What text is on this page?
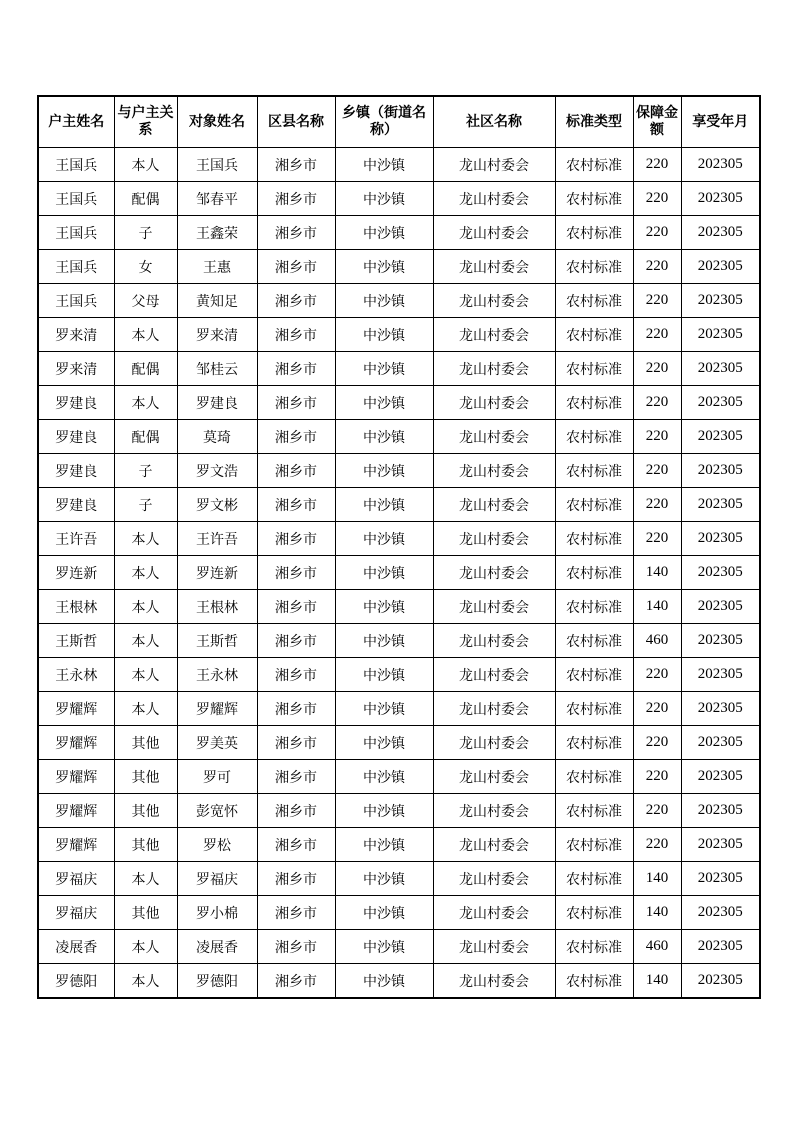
户主姓名	与户主关系	对象姓名	区县名称	乡镇（街道名称）	社区名称	标准类型	保障金额	享受年月
王国兵	本人	王国兵	湘乡市	中沙镇	龙山村委会	农村标准	220	202305
王国兵	配偶	邹春平	湘乡市	中沙镇	龙山村委会	农村标准	220	202305
王国兵	子	王鑫荣	湘乡市	中沙镇	龙山村委会	农村标准	220	202305
王国兵	女	王惠	湘乡市	中沙镇	龙山村委会	农村标准	220	202305
王国兵	父母	黄知足	湘乡市	中沙镇	龙山村委会	农村标准	220	202305
罗来清	本人	罗来清	湘乡市	中沙镇	龙山村委会	农村标准	220	202305
罗来清	配偶	邹桂云	湘乡市	中沙镇	龙山村委会	农村标准	220	202305
罗建良	本人	罗建良	湘乡市	中沙镇	龙山村委会	农村标准	220	202305
罗建良	配偶	莫琦	湘乡市	中沙镇	龙山村委会	农村标准	220	202305
罗建良	子	罗文浩	湘乡市	中沙镇	龙山村委会	农村标准	220	202305
罗建良	子	罗文彬	湘乡市	中沙镇	龙山村委会	农村标准	220	202305
王许吾	本人	王许吾	湘乡市	中沙镇	龙山村委会	农村标准	220	202305
罗连新	本人	罗连新	湘乡市	中沙镇	龙山村委会	农村标准	140	202305
王根林	本人	王根林	湘乡市	中沙镇	龙山村委会	农村标准	140	202305
王斯哲	本人	王斯哲	湘乡市	中沙镇	龙山村委会	农村标准	460	202305
王永林	本人	王永林	湘乡市	中沙镇	龙山村委会	农村标准	220	202305
罗耀辉	本人	罗耀辉	湘乡市	中沙镇	龙山村委会	农村标准	220	202305
罗耀辉	其他	罗美英	湘乡市	中沙镇	龙山村委会	农村标准	220	202305
罗耀辉	其他	罗可	湘乡市	中沙镇	龙山村委会	农村标准	220	202305
罗耀辉	其他	彭宽怀	湘乡市	中沙镇	龙山村委会	农村标准	220	202305
罗耀辉	其他	罗松	湘乡市	中沙镇	龙山村委会	农村标准	220	202305
罗福庆	本人	罗福庆	湘乡市	中沙镇	龙山村委会	农村标准	140	202305
罗福庆	其他	罗小棉	湘乡市	中沙镇	龙山村委会	农村标准	140	202305
凌展香	本人	凌展香	湘乡市	中沙镇	龙山村委会	农村标准	460	202305
罗德阳	本人	罗德阳	湘乡市	中沙镇	龙山村委会	农村标准	140	202305
